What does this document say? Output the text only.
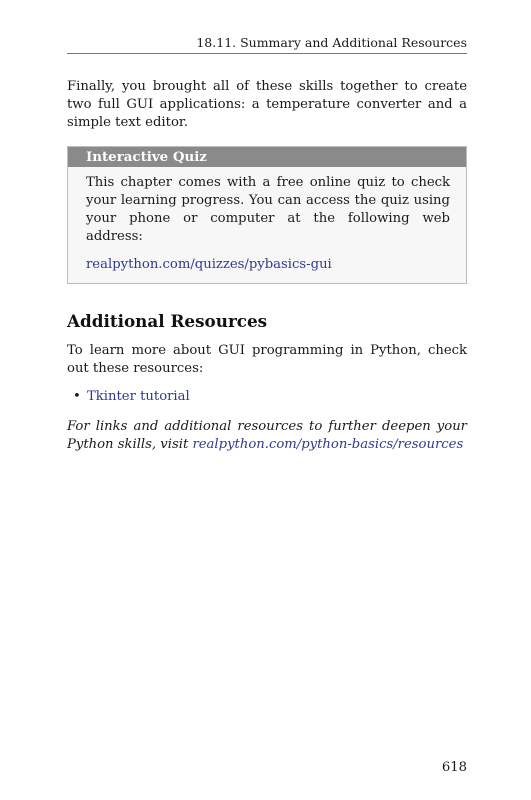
18.11. Summary and Additional Resources

Finally, you brought all of these skills together to create two full GUI applications: a temperature converter and a simple text editor.

Interactive Quiz

This chapter comes with a free online quiz to check your learning progress. You can access the quiz using your phone or computer at the following web address:

realpython.com/quizzes/pybasics-gui

Additional Resources

To learn more about GUI programming in Python, check out these resources:

• Tkinter tutorial

For links and additional resources to further deepen your Python skills, visit realpython.com/python-basics/resources

618
